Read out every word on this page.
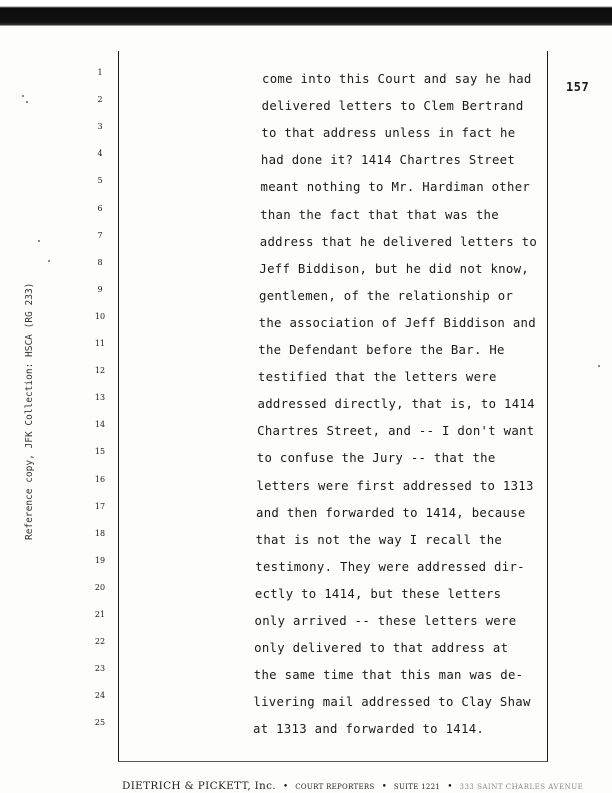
157
1
2
3
4
5
6
7
8
9
10
11
12
13
14
15
16
17
18
19
20
21
22
23
24
25
come into this Court and say he had
delivered letters to Clem Bertrand
to that address unless in fact he
had done it? 1414 Chartres Street
meant nothing to Mr. Hardiman other
than the fact that that was the
address that he delivered letters to
Jeff Biddison, but he did not know,
gentlemen, of the relationship or
the association of Jeff Biddison and
the Defendant before the Bar. He
testified that the letters were
addressed directly, that is, to 1414
Chartres Street, and -- I don't want
to confuse the Jury -- that the
letters were first addressed to 1313
and then forwarded to 1414, because
that is not the way I recall the
testimony. They were addressed dir-
ectly to 1414, but these letters
only arrived -- these letters were
only delivered to that address at
the same time that this man was de-
livering mail addressed to Clay Shaw
at 1313 and forwarded to 1414.
Reference copy, JFK Collection: HSCA (RG 233)
DIETRICH & PICKETT, Inc. • COURT REPORTERS • SUITE 1221 • 333 SAINT CHARLES AVENUE
